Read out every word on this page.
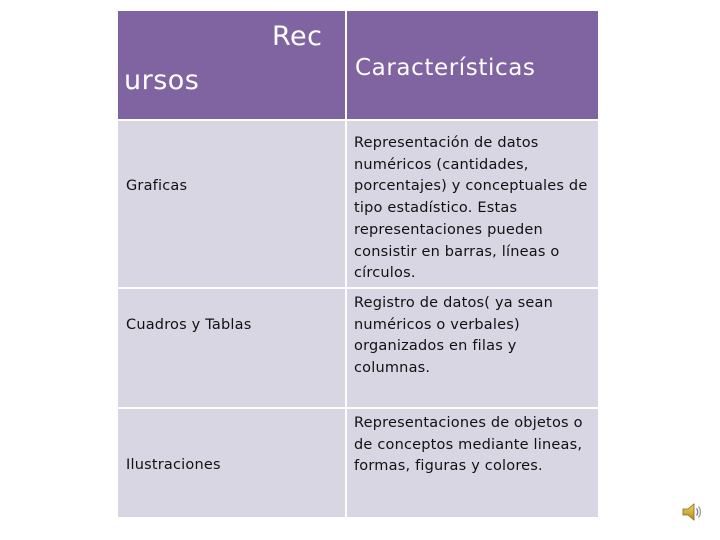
Rec
ursos	Características
Graficas
Representación de datos numéricos (cantidades, porcentajes) y conceptuales de tipo estadístico. Estas representaciones pueden consistir en barras, líneas o círculos.
Cuadros y Tablas
Registro de datos( ya sean numéricos o verbales) organizados en filas y columnas.
Ilustraciones
Representaciones de objetos o de conceptos mediante lineas, formas, figuras y colores.
